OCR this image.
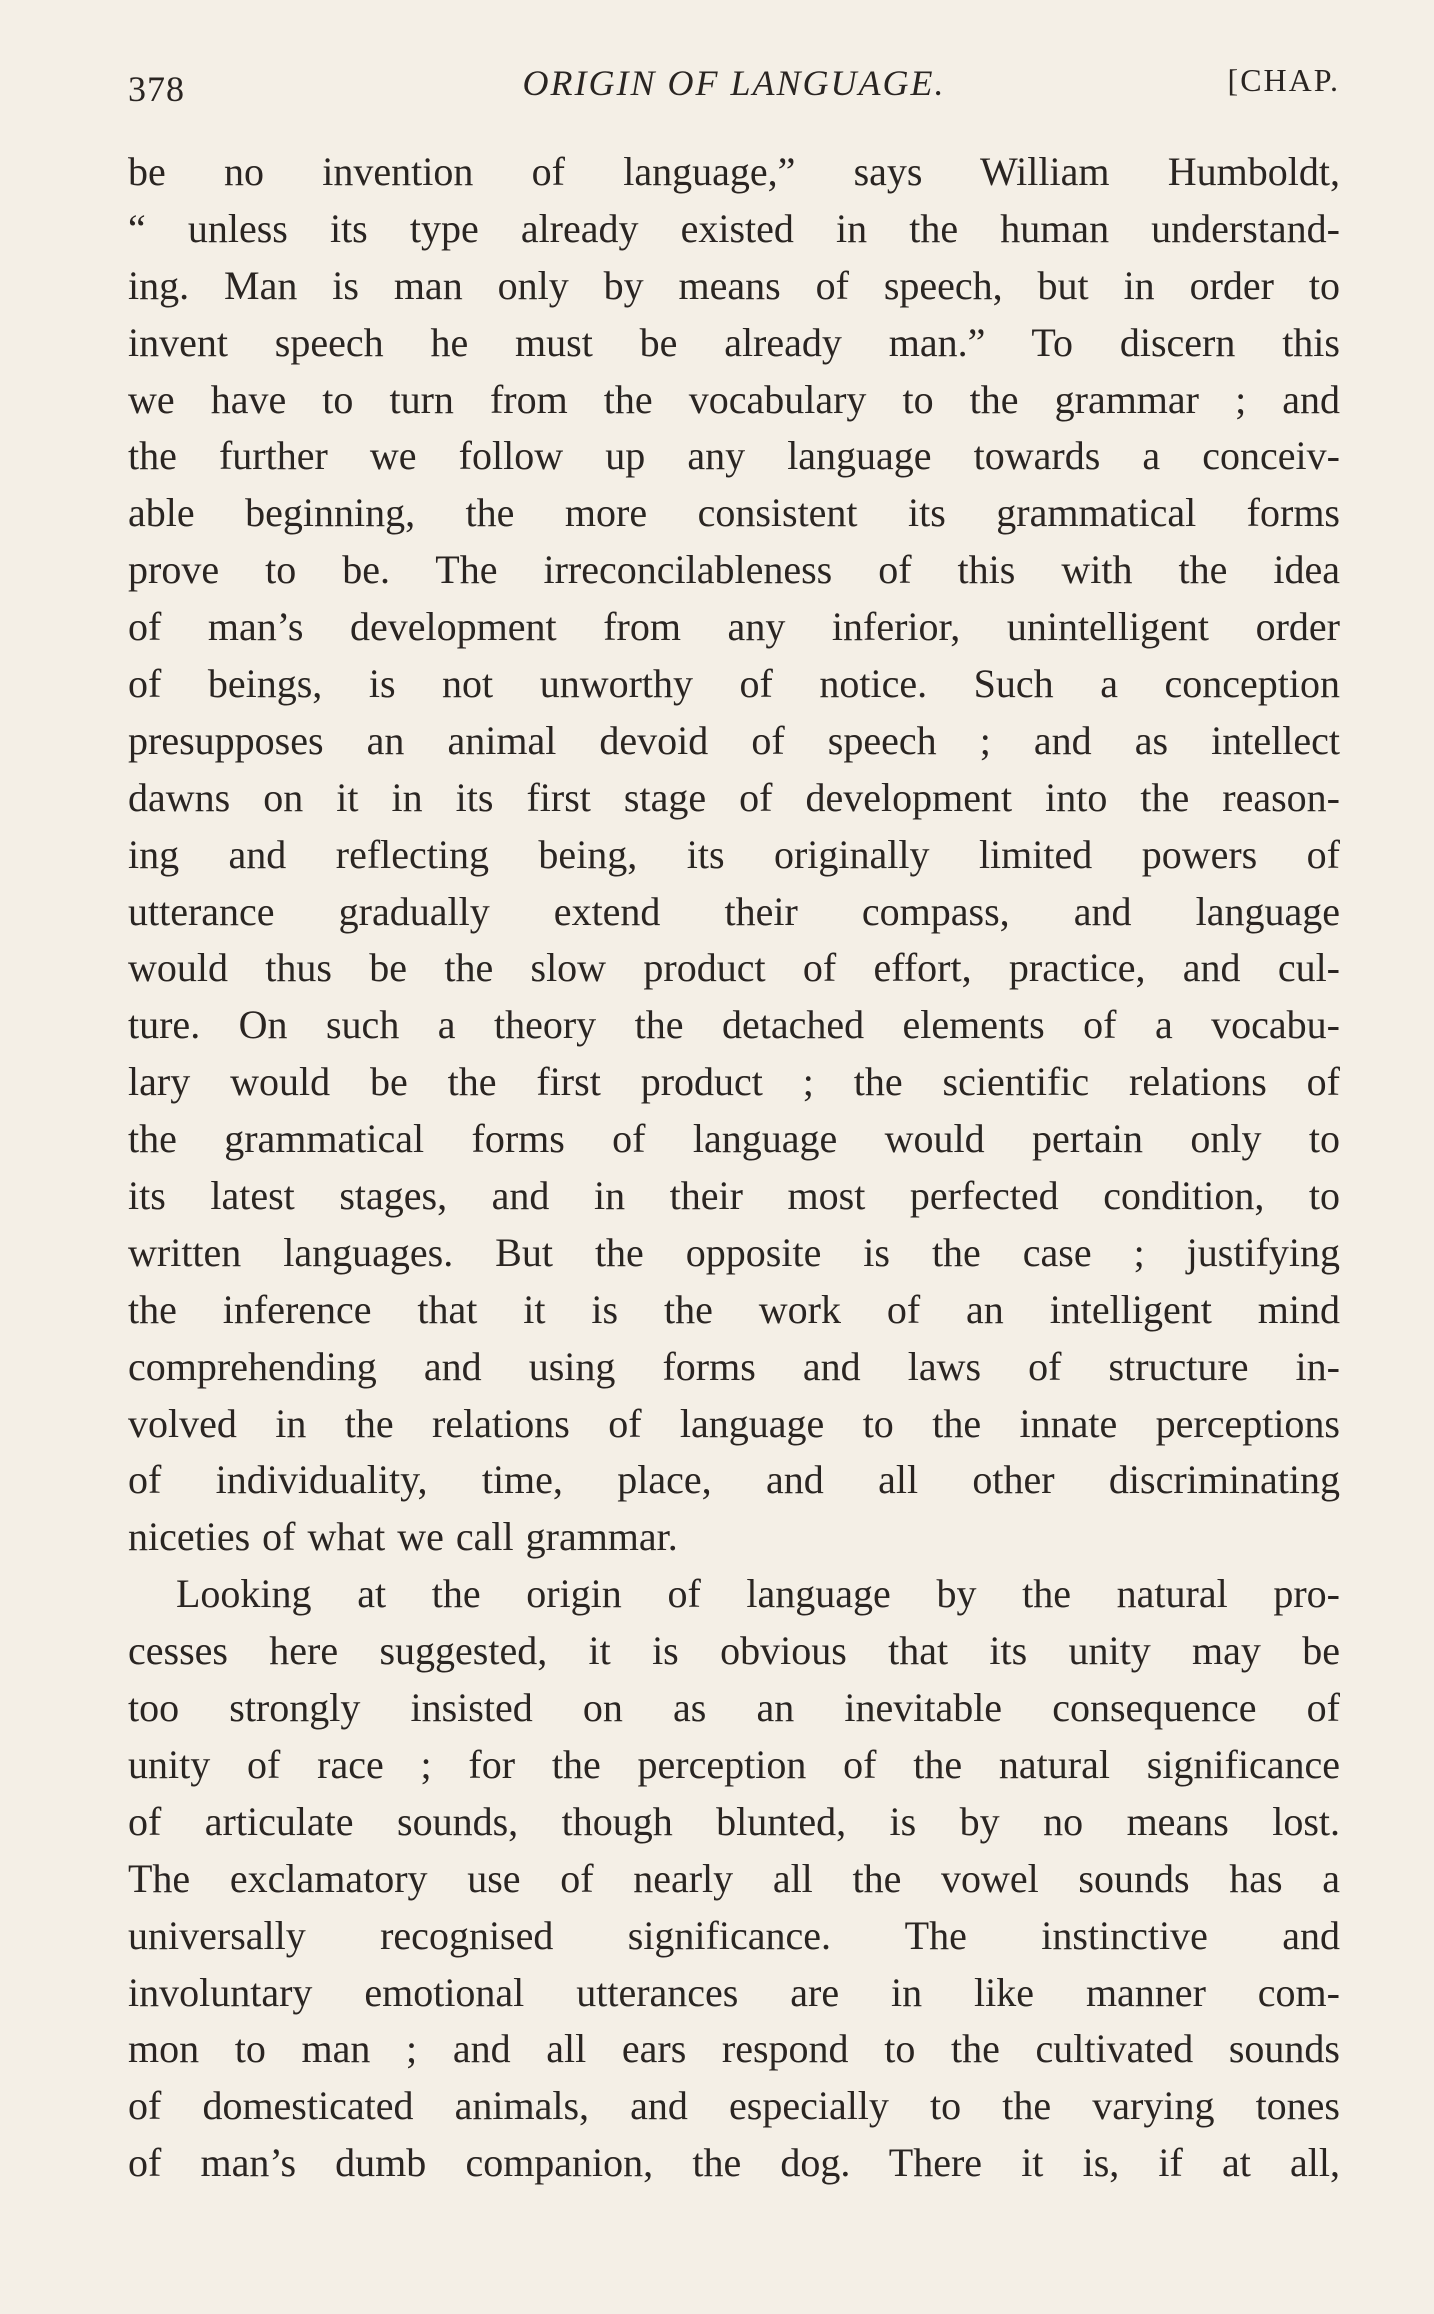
378	ORIGIN OF LANGUAGE.	[CHAP.
be no invention of language,” says William Humboldt,
“ unless its type already existed in the human understand-
ing. Man is man only by means of speech, but in order to
invent speech he must be already man.” To discern this
we have to turn from the vocabulary to the grammar ; and
the further we follow up any language towards a conceiv-
able beginning, the more consistent its grammatical forms
prove to be. The irreconcilableness of this with the idea
of man’s development from any inferior, unintelligent order
of beings, is not unworthy of notice. Such a conception
presupposes an animal devoid of speech ; and as intellect
dawns on it in its first stage of development into the reason-
ing and reflecting being, its originally limited powers of
utterance gradually extend their compass, and language
would thus be the slow product of effort, practice, and cul-
ture. On such a theory the detached elements of a vocabu-
lary would be the first product ; the scientific relations of
the grammatical forms of language would pertain only to
its latest stages, and in their most perfected condition, to
written languages. But the opposite is the case ; justifying
the inference that it is the work of an intelligent mind
comprehending and using forms and laws of structure in-
volved in the relations of language to the innate perceptions
of individuality, time, place, and all other discriminating
niceties of what we call grammar.
Looking at the origin of language by the natural pro-
cesses here suggested, it is obvious that its unity may be
too strongly insisted on as an inevitable consequence of
unity of race ; for the perception of the natural significance
of articulate sounds, though blunted, is by no means lost.
The exclamatory use of nearly all the vowel sounds has a
universally recognised significance. The instinctive and
involuntary emotional utterances are in like manner com-
mon to man ; and all ears respond to the cultivated sounds
of domesticated animals, and especially to the varying tones
of man’s dumb companion, the dog. There it is, if at all,
